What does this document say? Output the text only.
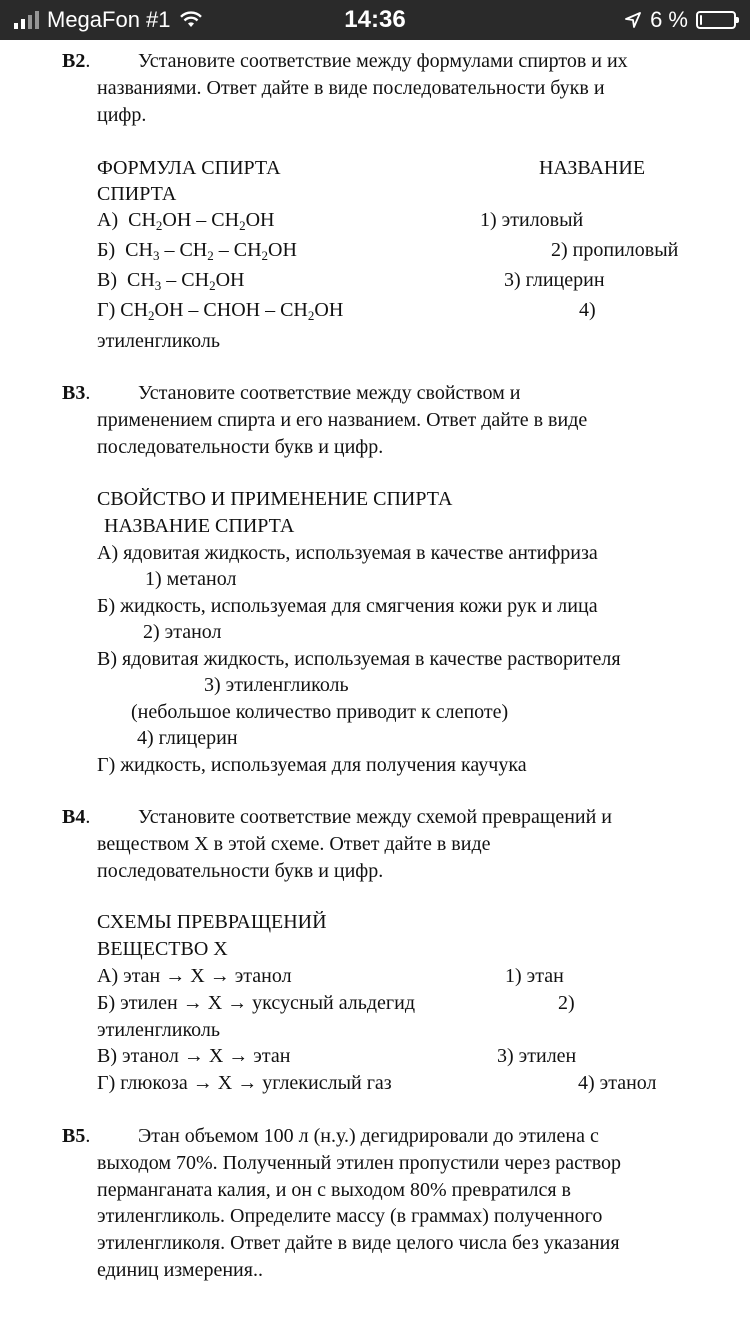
MegaFon #1	14:36	6 %
B2. Установите соответствие между формулами спиртов и их
названиями. Ответ дайте в виде последовательности букв и
цифр.
ФОРМУЛА СПИРТА	НАЗВАНИЕ
СПИРТА
А)  $CH_2OH - CH_2OH$	1) этиловый
Б)  $CH_3 - CH_2 - CH_2OH$	2) пропиловый
В)  $CH_3 - CH_2OH$	3) глицерин
Г) $CH_2OH$ – CHOH – $CH_2OH$	4)
этиленгликоль
B3. Установите соответствие между свойством и
применением спирта и его названием. Ответ дайте в виде
последовательности букв и цифр.
СВОЙСТВО И ПРИМЕНЕНИЕ СПИРТА
НАЗВАНИЕ СПИРТА
А) ядовитая жидкость, используемая в качестве антифриза
1) метанол
Б) жидкость, используемая для смягчения кожи рук и лица
2) этанол
В) ядовитая жидкость, используемая в качестве растворителя
3) этиленгликоль
(небольшое количество приводит к слепоте)
4) глицерин
Г) жидкость, используемая для получения каучука
B4. Установите соответствие между схемой превращений и
веществом Х в этой схеме. Ответ дайте в виде
последовательности букв и цифр.
СХЕМЫ ПРЕВРАЩЕНИЙ
ВЕЩЕСТВО Х
А) этан → Х → этанол	1) этан
Б) этилен → Х → уксусный альдегид	2)
этиленгликоль
В) этанол → Х → этан	3) этилен
Г) глюкоза → Х → углекислый газ	4) этанол
B5. Этан объемом 100 л (н.у.) дегидрировали до этилена с
выходом 70%. Полученный этилен пропустили через раствор
перманганата калия, и он с выходом 80% превратился в
этиленгликоль. Определите массу (в граммах) полученного
этиленгликоля. Ответ дайте в виде целого числа без указания
единиц измерения..
